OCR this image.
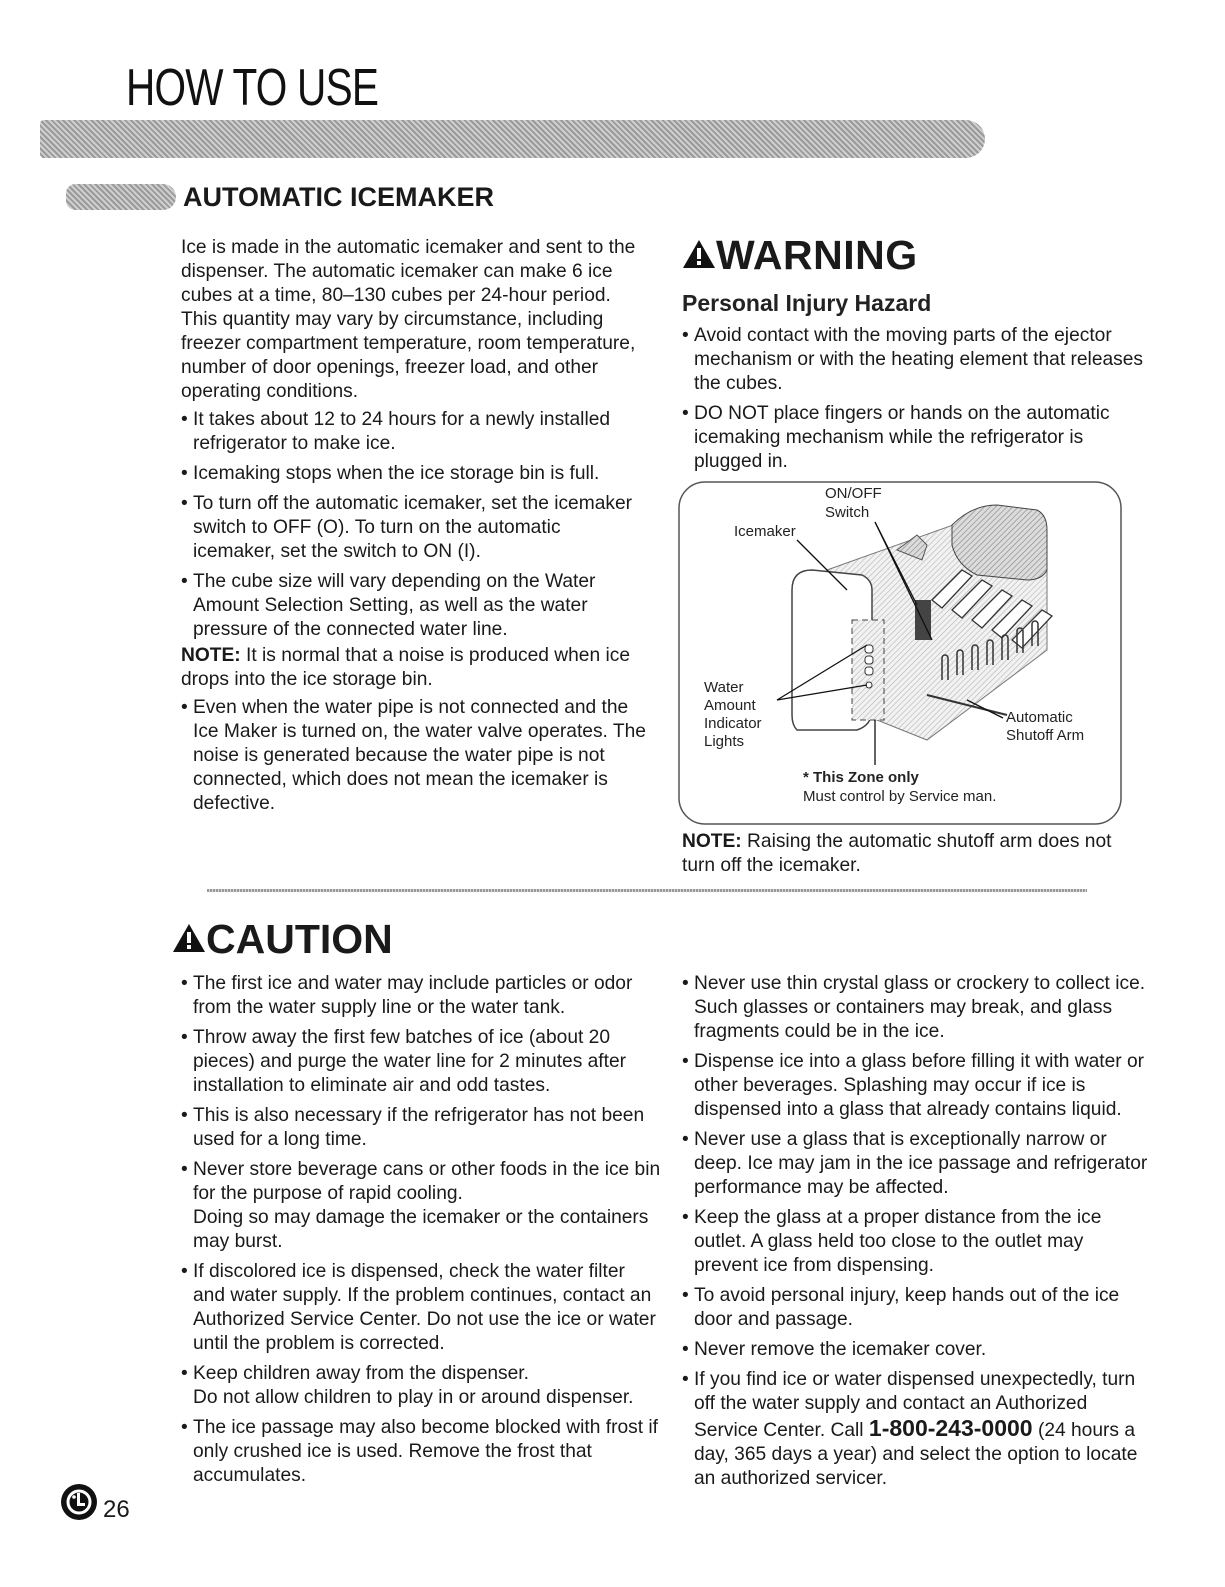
HOW TO USE
AUTOMATIC ICEMAKER
Ice is made in the automatic icemaker and sent to the dispenser. The automatic icemaker can make 6 ice cubes at a time, 80–130 cubes per 24-hour period. This quantity may vary by circumstance, including freezer compartment temperature, room temperature, number of door openings, freezer load, and other operating conditions.
• It takes about 12 to 24 hours for a newly installed refrigerator to make ice.
• Icemaking stops when the ice storage bin is full.
• To turn off the automatic icemaker, set the icemaker switch to OFF (O). To turn on the automatic icemaker, set the switch to ON (I).
• The cube size will vary depending on the Water Amount Selection Setting, as well as the water pressure of the connected water line.
NOTE: It is normal that a noise is produced when ice drops into the ice storage bin.
• Even when the water pipe is not connected and the Ice Maker is turned on, the water valve operates. The noise is generated because the water pipe is not connected, which does not mean the icemaker is defective.
WARNING
Personal Injury Hazard
• Avoid contact with the moving parts of the ejector mechanism or with the heating element that releases the cubes.
• DO NOT place fingers or hands on the automatic icemaking mechanism while the refrigerator is plugged in.
ON/OFF
Switch
Icemaker
Water
Amount
Indicator
Lights
Automatic
Shutoff Arm
* This Zone only
Must control by Service man.
NOTE: Raising the automatic shutoff arm does not turn off the icemaker.
CAUTION
• The first ice and water may include particles or odor from the water supply line or the water tank.
• Throw away the first few batches of ice (about 20 pieces) and purge the water line for 2 minutes after installation to eliminate air and odd tastes.
• This is also necessary if the refrigerator has not been used for a long time.
• Never store beverage cans or other foods in the ice bin for the purpose of rapid cooling.
Doing so may damage the icemaker or the containers may burst.
• If discolored ice is dispensed, check the water filter and water supply. If the problem continues, contact an Authorized Service Center. Do not use the ice or water until the problem is corrected.
• Keep children away from the dispenser.
Do not allow children to play in or around dispenser.
• The ice passage may also become blocked with frost if only crushed ice is used. Remove the frost that accumulates.
• Never use thin crystal glass or crockery to collect ice. Such glasses or containers may break, and glass fragments could be in the ice.
• Dispense ice into a glass before filling it with water or other beverages. Splashing may occur if ice is dispensed into a glass that already contains liquid.
• Never use a glass that is exceptionally narrow or deep. Ice may jam in the ice passage and refrigerator performance may be affected.
• Keep the glass at a proper distance from the ice outlet. A glass held too close to the outlet may prevent ice from dispensing.
• To avoid personal injury, keep hands out of the ice door and passage.
• Never remove the icemaker cover.
• If you find ice or water dispensed unexpectedly, turn off the water supply and contact an Authorized Service Center. Call 1-800-243-0000 (24 hours a day, 365 days a year) and select the option to locate an authorized servicer.
26
